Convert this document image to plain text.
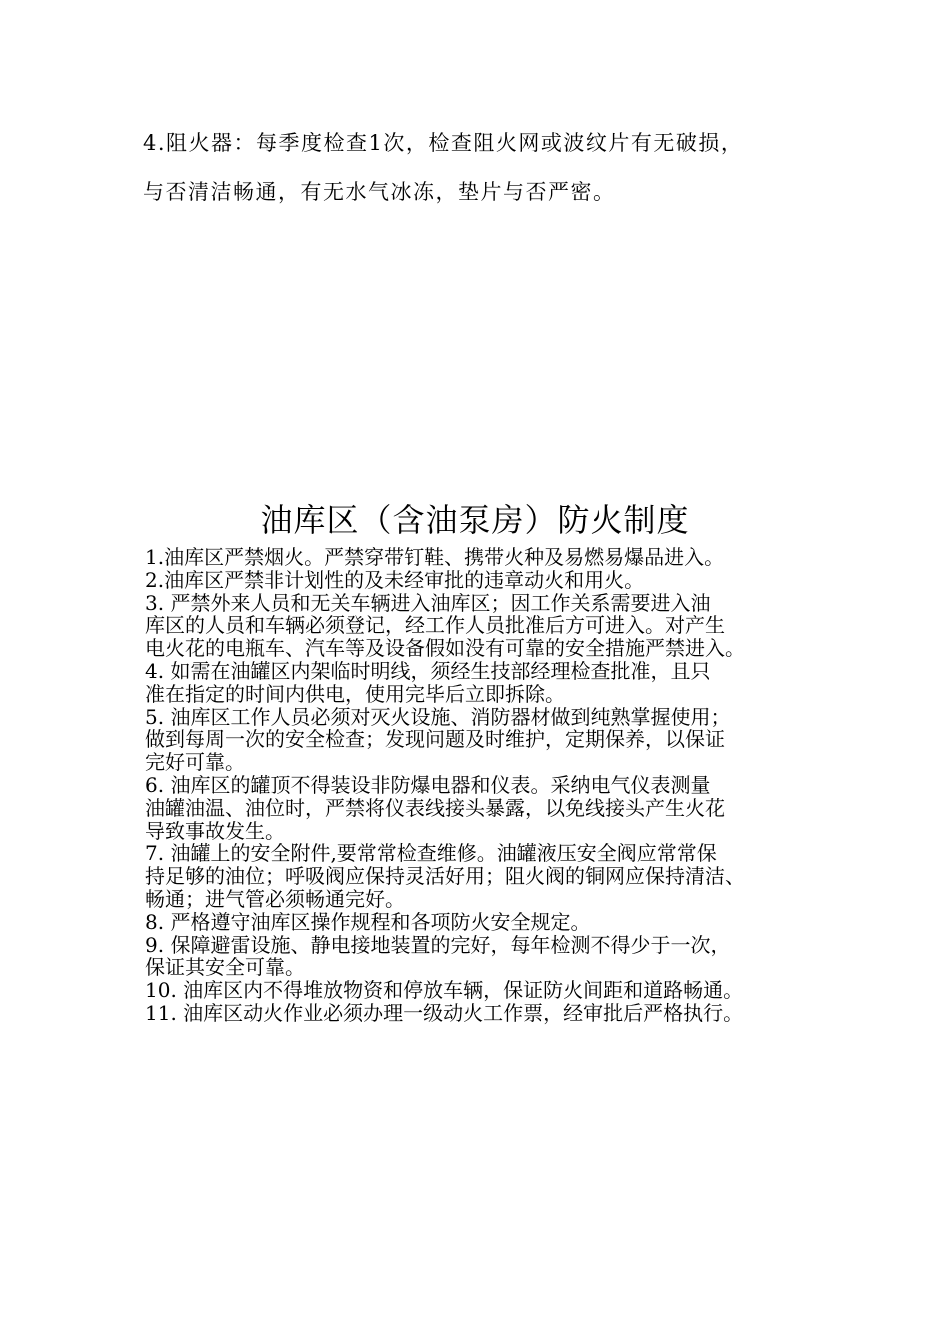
4.阻火器：每季度检查1次，检查阻火网或波纹片有无破损，

与否清洁畅通，有无水气冰冻，垫片与否严密。

油库区（含油泵房）防火制度

1.油库区严禁烟火。严禁穿带钉鞋、携带火种及易燃易爆品进入。

2.油库区严禁非计划性的及未经审批的违章动火和用火。

3. 严禁外来人员和无关车辆进入油库区；因工作关系需要进入油

库区的人员和车辆必须登记，经工作人员批准后方可进入。对产生

电火花的电瓶车、汽车等及设备假如没有可靠的安全措施严禁进入。

4. 如需在油罐区内架临时明线，须经生技部经理检查批准，且只

准在指定的时间内供电，使用完毕后立即拆除。

5. 油库区工作人员必须对灭火设施、消防器材做到纯熟掌握使用；

做到每周一次的安全检查；发现问题及时维护，定期保养，以保证

完好可靠。

6. 油库区的罐顶不得装设非防爆电器和仪表。采纳电气仪表测量

油罐油温、油位时，严禁将仪表线接头暴露，以免线接头产生火花

导致事故发生。

7. 油罐上的安全附件,要常常检查维修。油罐液压安全阀应常常保

持足够的油位；呼吸阀应保持灵活好用；阻火阀的铜网应保持清洁、

畅通；进气管必须畅通完好。

8. 严格遵守油库区操作规程和各项防火安全规定。

9. 保障避雷设施、静电接地装置的完好，每年检测不得少于一次，

保证其安全可靠。

10. 油库区内不得堆放物资和停放车辆，保证防火间距和道路畅通。

11. 油库区动火作业必须办理一级动火工作票，经审批后严格执行。
